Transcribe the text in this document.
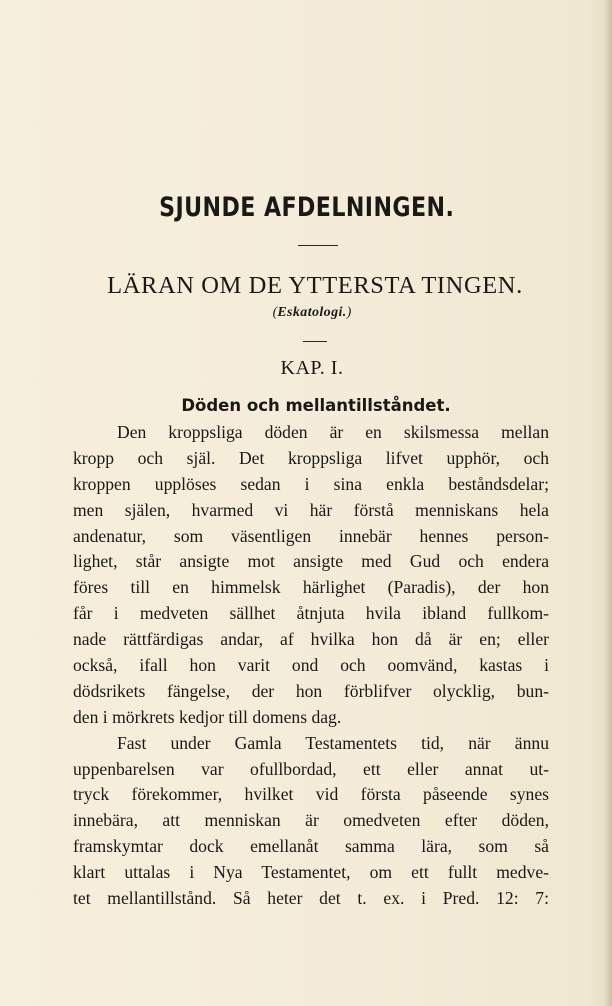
SJUNDE AFDELNINGEN.
LÄRAN OM DE YTTERSTA TINGEN.
(Eskatologi.)
KAP. I.
Döden och mellantillståndet.
Den kroppsliga döden är en skilsmessa mellan
kropp och själ. Det kroppsliga lifvet upphör, och
kroppen upplöses sedan i sina enkla beståndsdelar;
men själen, hvarmed vi här förstå menniskans hela
andenatur, som väsentligen innebär hennes person-
lighet, står ansigte mot ansigte med Gud och endera
föres till en himmelsk härlighet (Paradis), der hon
får i medveten sällhet åtnjuta hvila ibland fullkom-
nade rättfärdigas andar, af hvilka hon då är en; eller
också, ifall hon varit ond och oomvänd, kastas i
dödsrikets fängelse, der hon förblifver olycklig, bun-
den i mörkrets kedjor till domens dag.
Fast under Gamla Testamentets tid, när ännu
uppenbarelsen var ofullbordad, ett eller annat ut-
tryck förekommer, hvilket vid första påseende synes
innebära, att menniskan är omedveten efter döden,
framskymtar dock emellanåt samma lära, som så
klart uttalas i Nya Testamentet, om ett fullt medve-
tet mellantillstånd. Så heter det t. ex. i Pred. 12: 7:
